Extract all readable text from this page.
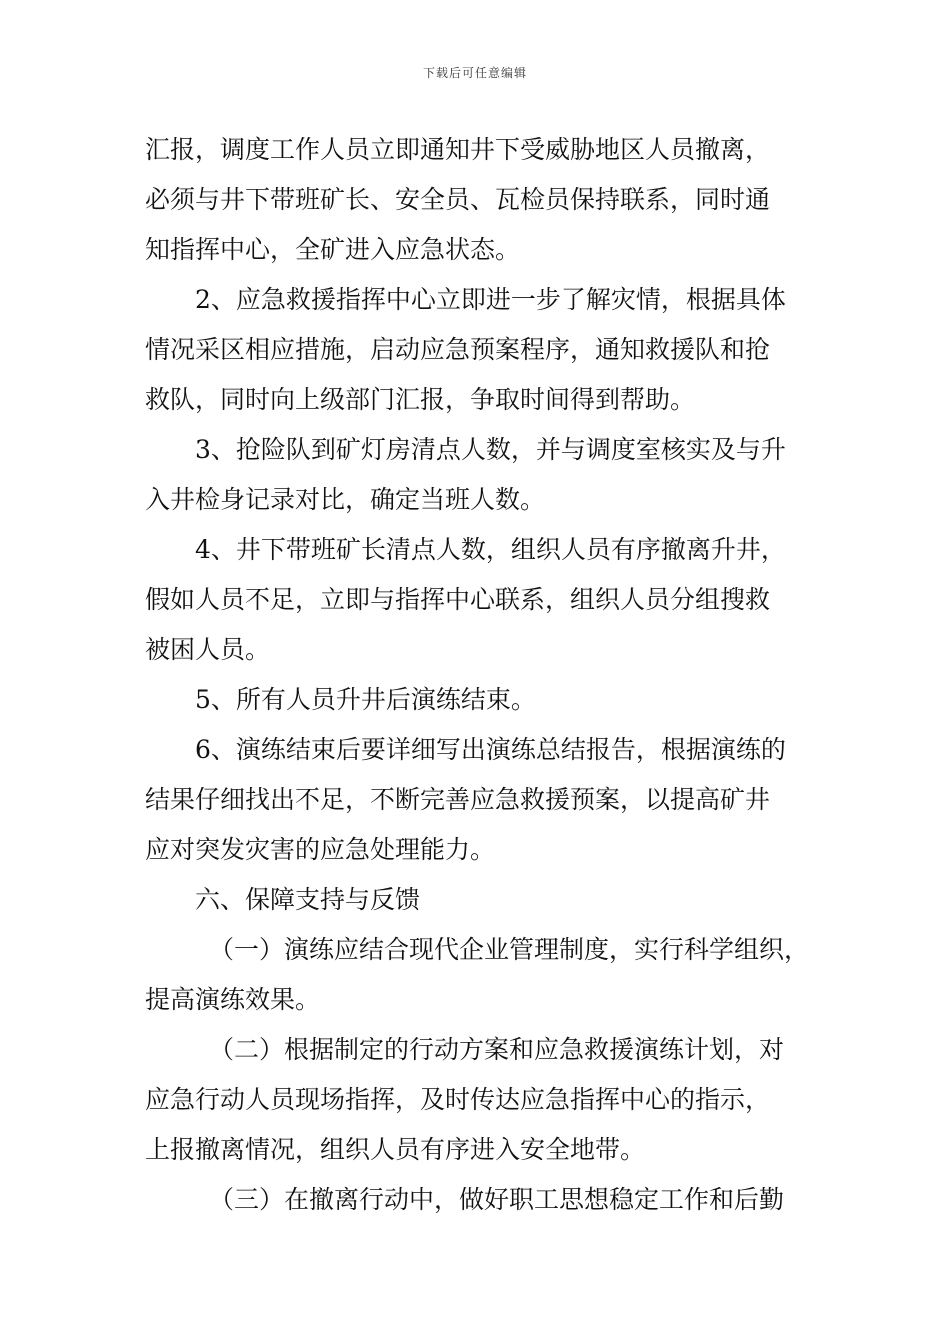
下载后可任意编辑
汇报，调度工作人员立即通知井下受威胁地区人员撤离，
必须与井下带班矿长、安全员、瓦检员保持联系，同时通
知指挥中心，全矿进入应急状态。
2、应急救援指挥中心立即进一步了解灾情，根据具体
情况采区相应措施，启动应急预案程序，通知救援队和抢
救队，同时向上级部门汇报，争取时间得到帮助。
3、抢险队到矿灯房清点人数，并与调度室核实及与升
入井检身记录对比，确定当班人数。
4、井下带班矿长清点人数，组织人员有序撤离升井，
假如人员不足，立即与指挥中心联系，组织人员分组搜救
被困人员。
5、所有人员升井后演练结束。
6、演练结束后要详细写出演练总结报告，根据演练的
结果仔细找出不足，不断完善应急救援预案，以提高矿井
应对突发灾害的应急处理能力。
六、保障支持与反馈
（一）演练应结合现代企业管理制度，实行科学组织，
提高演练效果。
（二）根据制定的行动方案和应急救援演练计划，对
应急行动人员现场指挥，及时传达应急指挥中心的指示，
上报撤离情况，组织人员有序进入安全地带。
（三）在撤离行动中，做好职工思想稳定工作和后勤
